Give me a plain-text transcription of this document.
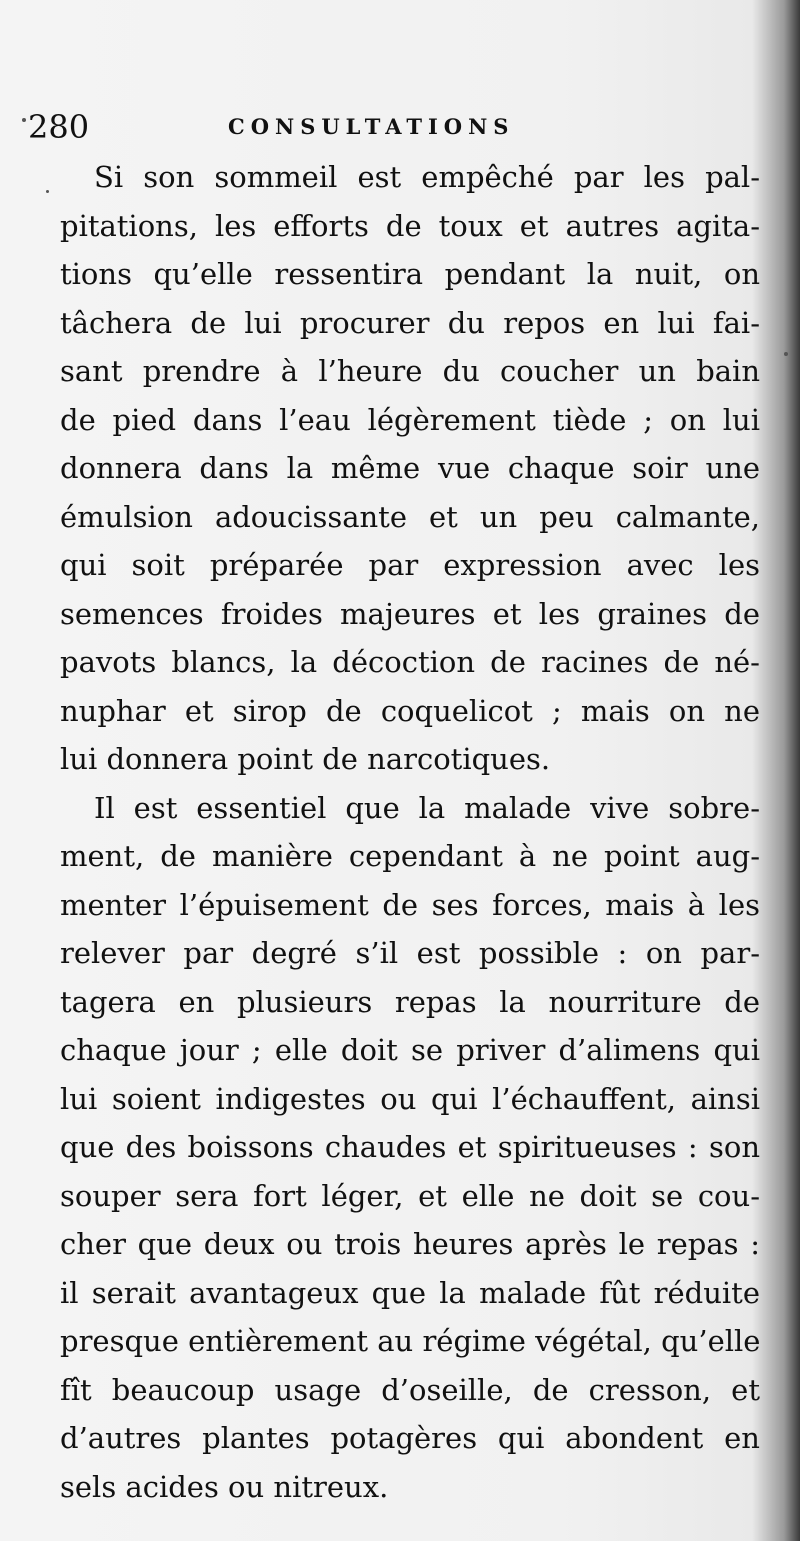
280	CONSULTATIONS
Si son sommeil est empêché par les pal-
pitations, les efforts de toux et autres agita-
tions qu’elle ressentira pendant la nuit, on
tâchera de lui procurer du repos en lui fai-
sant prendre à l’heure du coucher un bain
de pied dans l’eau légèrement tiède ; on lui
donnera dans la même vue chaque soir une
émulsion adoucissante et un peu calmante,
qui soit préparée par expression avec les
semences froides majeures et les graines de
pavots blancs, la décoction de racines de né-
nuphar et sirop de coquelicot ; mais on ne
lui donnera point de narcotiques.
Il est essentiel que la malade vive sobre-
ment, de manière cependant à ne point aug-
menter l’épuisement de ses forces, mais à les
relever par degré s’il est possible : on par-
tagera en plusieurs repas la nourriture de
chaque jour ; elle doit se priver d’alimens qui
lui soient indigestes ou qui l’échauffent, ainsi
que des boissons chaudes et spiritueuses : son
souper sera fort léger, et elle ne doit se cou-
cher que deux ou trois heures après le repas :
il serait avantageux que la malade fût réduite
presque entièrement au régime végétal, qu’elle
fît beaucoup usage d’oseille, de cresson, et
d’autres plantes potagères qui abondent en
sels acides ou nitreux.
